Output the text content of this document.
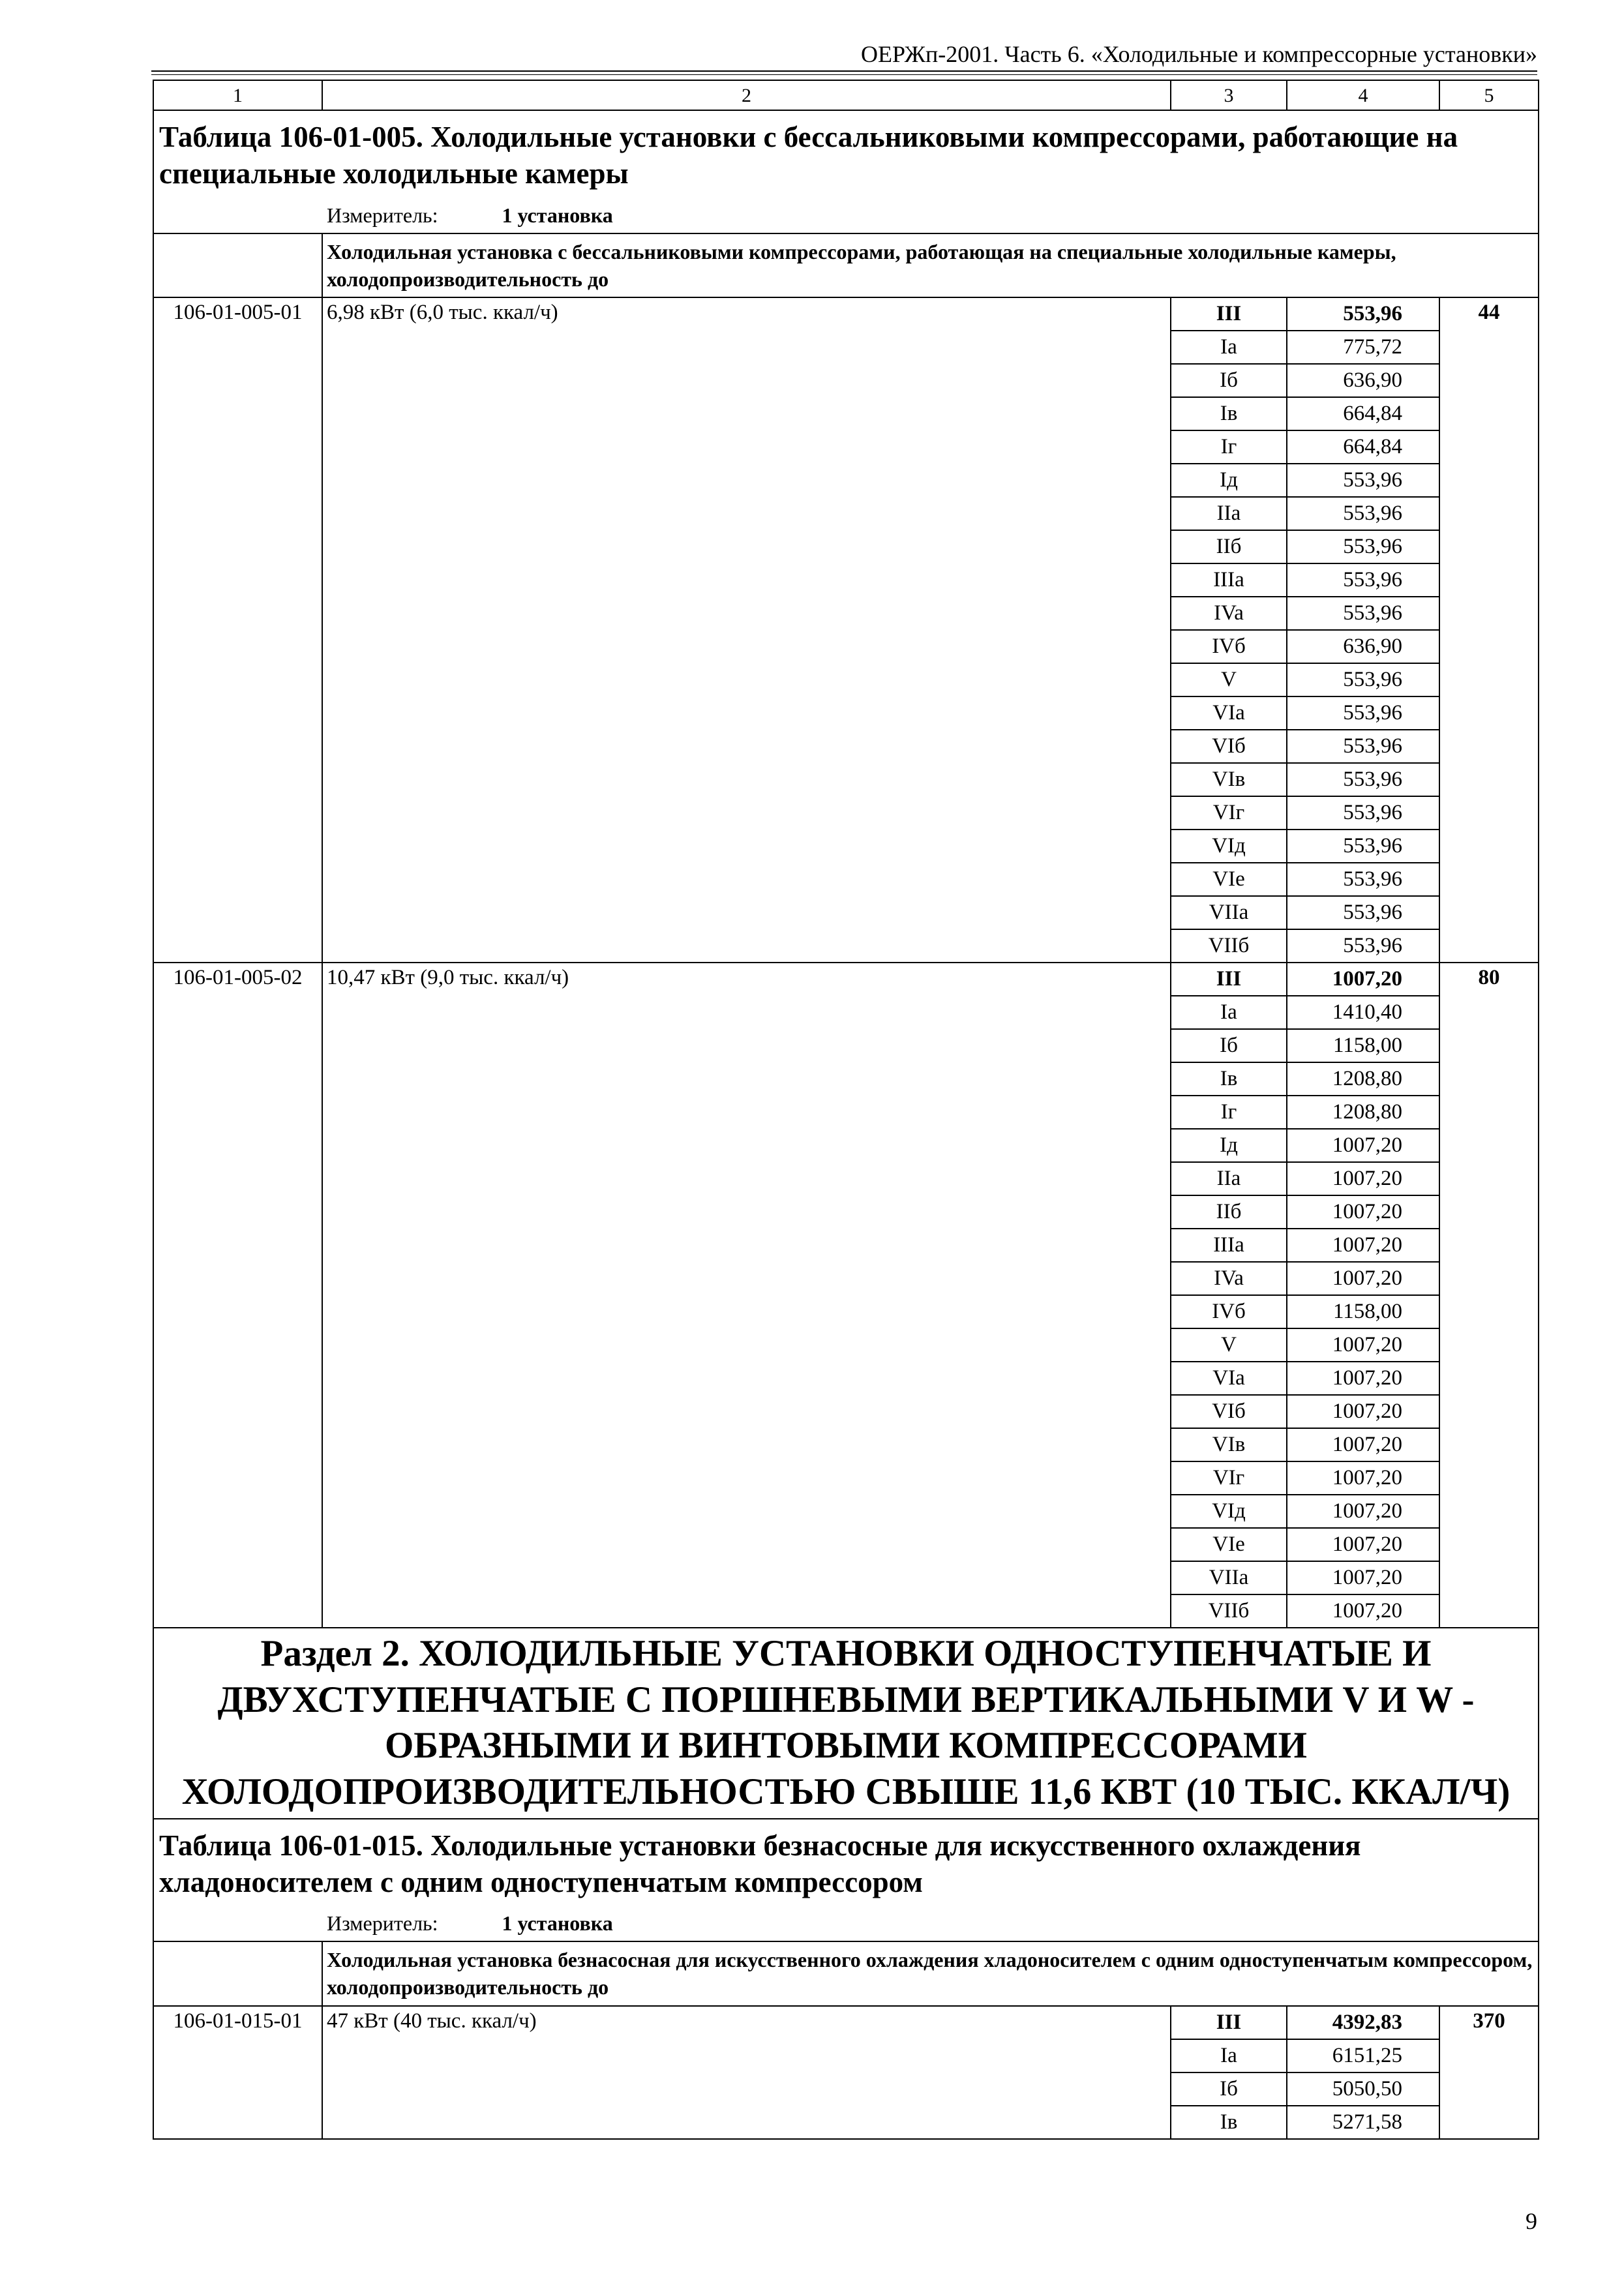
ОЕРЖп-2001. Часть 6. «Холодильные и компрессорные установки»
1	2	3	4	5
Таблица 106-01-005. Холодильные установки с бессальниковыми компрессорами, работающие на специальные холодильные камеры				

Измеритель: 1 установка				

	Холодильная установка с бессальниковыми компрессорами, работающая на специальные холодильные камеры, холодопроизводительность до			
106-01-005-01	6,98 кВт (6,0 тыс. ккал/ч)	III	553,96	44
		Ia	775,72	
		Iб	636,90	
		Iв	664,84	
		Iг	664,84	
		Iд	553,96	
		IIa	553,96	
		IIб	553,96	
		IIIa	553,96	
		IVa	553,96	
		IVб	636,90	
		V	553,96	
		VIa	553,96	
		VIб	553,96	
		VIв	553,96	
		VIг	553,96	
		VIд	553,96	
		VIe	553,96	
		VIIa	553,96	
		VIIб	553,96	
106-01-005-02	10,47 кВт (9,0 тыс. ккал/ч)	III	1007,20	80
		Ia	1410,40	
		Iб	1158,00	
		Iв	1208,80	
		Iг	1208,80	
		Iд	1007,20	
		IIa	1007,20	
		IIб	1007,20	
		IIIa	1007,20	
		IVa	1007,20	
		IVб	1158,00	
		V	1007,20	
		VIa	1007,20	
		VIб	1007,20	
		VIв	1007,20	
		VIг	1007,20	
		VIд	1007,20	
		VIe	1007,20	
		VIIa	1007,20	
		VIIб	1007,20	
Раздел 2. ХОЛОДИЛЬНЫЕ УСТАНОВКИ ОДНОСТУПЕНЧАТЫЕ И ДВУХСТУПЕНЧАТЫЕ С ПОРШНЕВЫМИ ВЕРТИКАЛЬНЫМИ V И W - ОБРАЗНЫМИ И ВИНТОВЫМИ КОМПРЕССОРАМИ ХОЛОДОПРОИЗВОДИТЕЛЬНОСТЬЮ СВЫШЕ 11,6 КВТ (10 ТЫС. ККАЛ/Ч)				
Таблица 106-01-015. Холодильные установки безнасосные для искусственного охлаждения хладоносителем с одним одноступенчатым компрессором				

Измеритель: 1 установка				

	Холодильная установка безнасосная для искусственного охлаждения хладоносителем с одним одноступенчатым компрессором, холодопроизводительность до			
106-01-015-01	47 кВт (40 тыс. ккал/ч)	III	4392,83	370
		Ia	6151,25	
		Iб	5050,50	
		Iв	5271,58	
9
